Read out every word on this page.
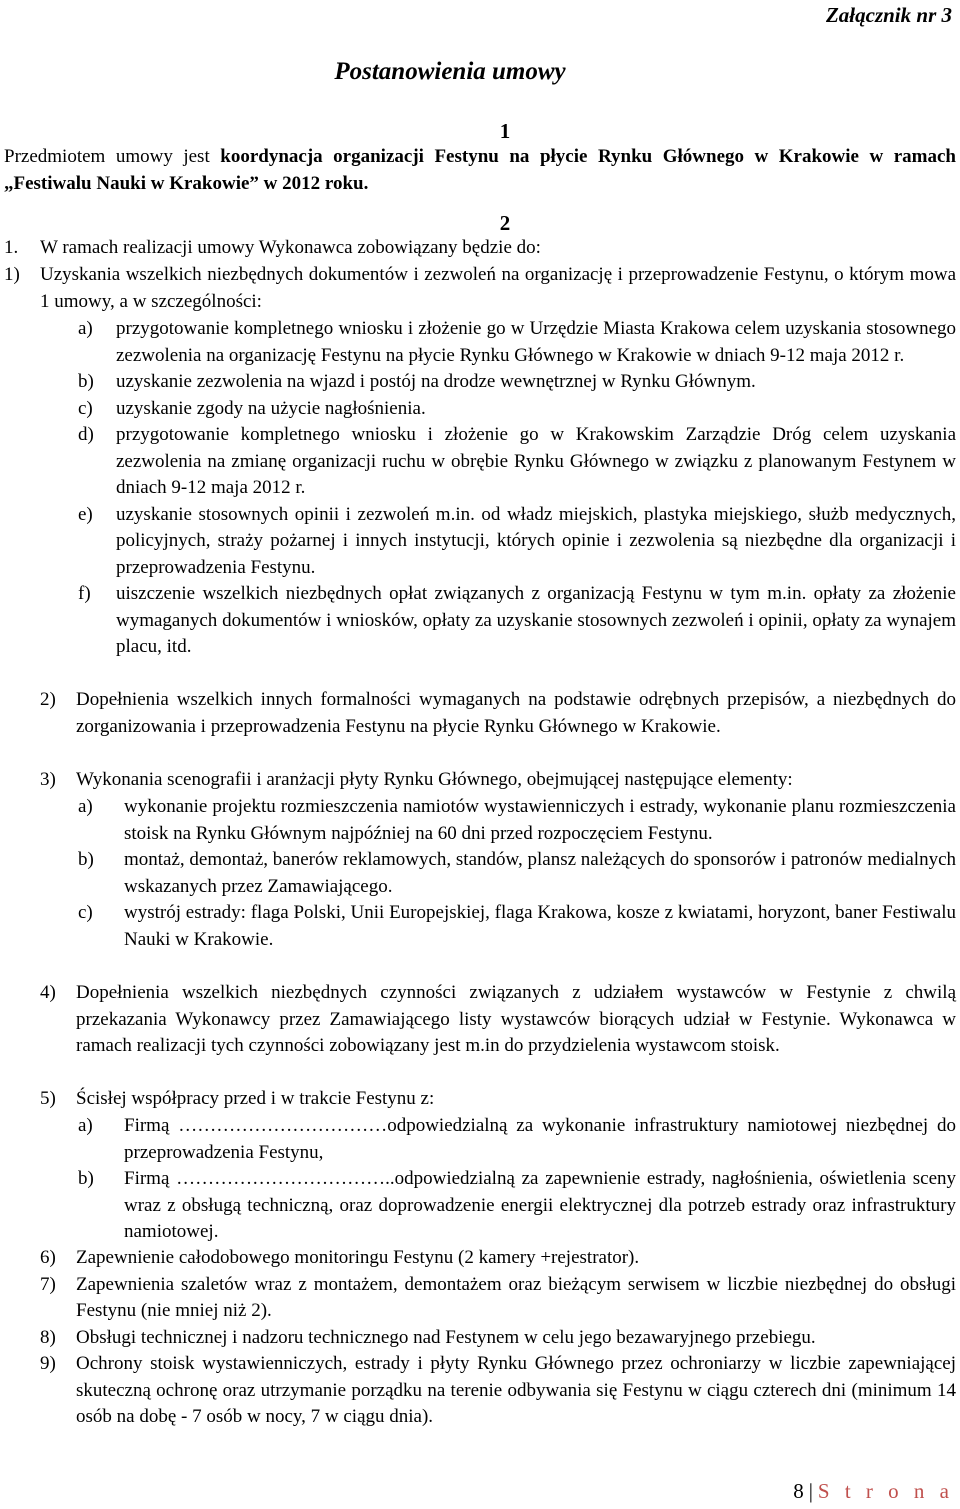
Załącznik nr 3
Postanowienia umowy
1
Przedmiotem umowy jest koordynacja organizacji Festynu na płycie Rynku Głównego w Krakowie w ramach „Festiwalu Nauki w Krakowie” w 2012 roku.
2
1. W ramach realizacji umowy Wykonawca zobowiązany będzie do:
1)	Uzyskania wszelkich niezbędnych dokumentów i zezwoleń na organizację i przeprowadzenie Festynu, o którym mowa 1 umowy, a w szczególności:
a)	przygotowanie kompletnego wniosku i złożenie go w Urzędzie Miasta Krakowa celem uzyskania stosownego zezwolenia na organizację Festynu na płycie Rynku Głównego w Krakowie w dniach 9-12 maja 2012 r.
b)	uzyskanie zezwolenia na wjazd i postój na drodze wewnętrznej w Rynku Głównym.
c)	uzyskanie zgody na użycie nagłośnienia.
d)	przygotowanie kompletnego wniosku i złożenie go w Krakowskim Zarządzie Dróg celem uzyskania zezwolenia na zmianę organizacji ruchu w obrębie Rynku Głównego w związku z planowanym Festynem w dniach 9-12 maja 2012 r.
e)	uzyskanie stosownych opinii i zezwoleń m.in. od władz miejskich, plastyka miejskiego, służb medycznych, policyjnych, straży pożarnej i innych instytucji, których opinie i zezwolenia są niezbędne dla organizacji i przeprowadzenia Festynu.
f)	uiszczenie wszelkich niezbędnych opłat związanych z organizacją Festynu w tym m.in. opłaty za złożenie wymaganych dokumentów i wniosków, opłaty za uzyskanie stosownych zezwoleń i opinii, opłaty za wynajem placu, itd.
2)	Dopełnienia wszelkich innych formalności wymaganych na podstawie odrębnych przepisów, a niezbędnych do zorganizowania i przeprowadzenia Festynu na płycie Rynku Głównego w Krakowie.
3)	Wykonania scenografii i aranżacji płyty Rynku Głównego, obejmującej następujące elementy:
a)	wykonanie projektu rozmieszczenia namiotów wystawienniczych i estrady, wykonanie planu rozmieszczenia stoisk na Rynku Głównym najpóźniej na 60 dni przed rozpoczęciem Festynu.
b)	montaż, demontaż, banerów reklamowych, standów, plansz należących do sponsorów i patronów medialnych wskazanych przez Zamawiającego.
c)	wystrój estrady: flaga Polski, Unii Europejskiej, flaga Krakowa, kosze z kwiatami, horyzont, baner Festiwalu Nauki w Krakowie.
4)	Dopełnienia wszelkich niezbędnych czynności związanych z udziałem wystawców w Festynie z chwilą przekazania Wykonawcy przez Zamawiającego listy wystawców biorących udział w Festynie. Wykonawca w ramach realizacji tych czynności zobowiązany jest m.in do przydzielenia wystawcom stoisk.
5)	Ścisłej współpracy przed i w trakcie Festynu z:
a)	Firmą ……………………………odpowiedzialną za wykonanie infrastruktury namiotowej niezbędnej do przeprowadzenia Festynu,
b)	Firmą ……………………………..odpowiedzialną za zapewnienie estrady, nagłośnienia, oświetlenia sceny wraz z obsługą techniczną, oraz doprowadzenie energii elektrycznej dla potrzeb estrady oraz infrastruktury namiotowej.
6)	Zapewnienie całodobowego monitoringu Festynu (2 kamery +rejestrator).
7)	Zapewnienia szaletów wraz z montażem, demontażem oraz bieżącym serwisem w liczbie niezbędnej do obsługi Festynu (nie mniej niż 2).
8)	Obsługi technicznej i nadzoru technicznego nad Festynem w celu jego bezawaryjnego przebiegu.
9)	Ochrony stoisk wystawienniczych, estrady i płyty Rynku Głównego przez ochroniarzy w liczbie zapewniającej skuteczną ochronę oraz utrzymanie porządku na terenie odbywania się Festynu w ciągu czterech dni (minimum 14 osób na dobę - 7 osób w nocy, 7 w ciągu dnia).
8 | S t r o n a
